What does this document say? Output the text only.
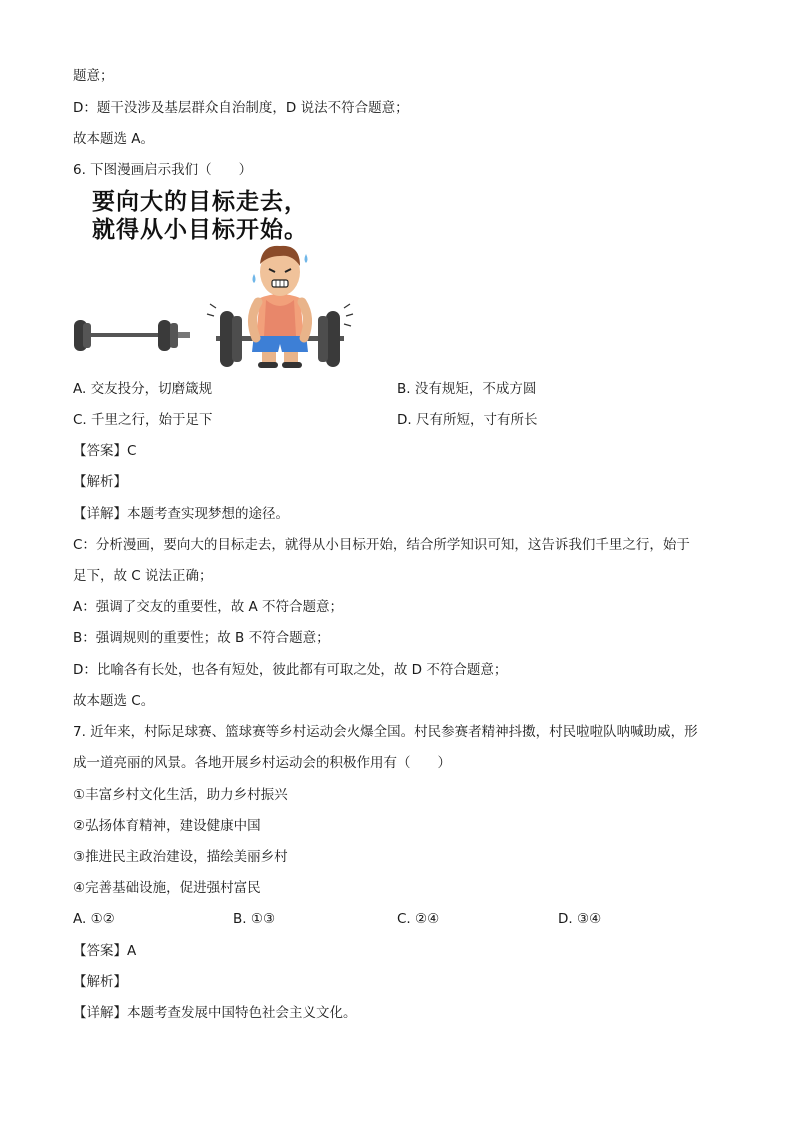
题意；
D：题干没涉及基层群众自治制度，D 说法不符合题意；
故本题选 A。
6. 下图漫画启示我们（　　）
要向大的目标走去，
就得从小目标开始。
A. 交友投分，切磨箴规	B. 没有规矩，不成方圆
C. 千里之行，始于足下	D. 尺有所短，寸有所长
【答案】C
【解析】
【详解】本题考查实现梦想的途径。
C：分析漫画，要向大的目标走去，就得从小目标开始，结合所学知识可知，这告诉我们千里之行，始于
足下，故 C 说法正确；
A：强调了交友的重要性，故 A 不符合题意；
B：强调规则的重要性；故 B 不符合题意；
D：比喻各有长处，也各有短处，彼此都有可取之处，故 D 不符合题意；
故本题选 C。
7. 近年来，村际足球赛、篮球赛等乡村运动会火爆全国。村民参赛者精神抖擞，村民啦啦队呐喊助威，形
成一道亮丽的风景。各地开展乡村运动会的积极作用有（　　）
①丰富乡村文化生活，助力乡村振兴
②弘扬体育精神，建设健康中国
③推进民主政治建设，描绘美丽乡村
④完善基础设施，促进强村富民
A. ①②	B. ①③	C. ②④	D. ③④
【答案】A
【解析】
【详解】本题考查发展中国特色社会主义文化。
